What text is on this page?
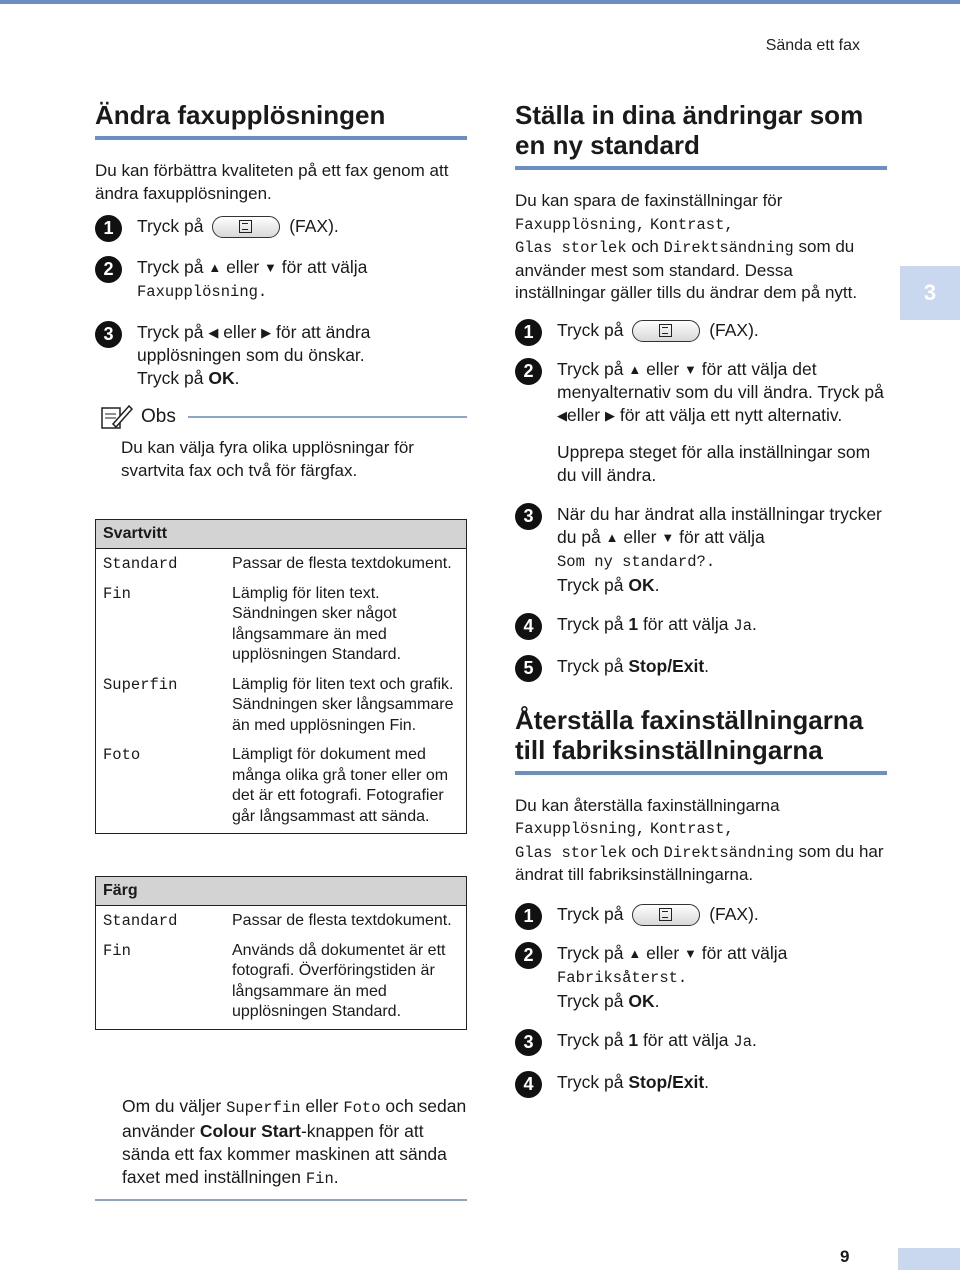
Sända ett fax
Ändra faxupplösningen

Du kan förbättra kvaliteten på ett fax genom att ändra faxupplösningen.

1	Tryck på	(FAX).
2	Tryck på ▲ eller ▼ för att välja
Faxupplösning.
3	Tryck på ◀ eller ▶ för att ändra upplösningen som du önskar.
Tryck på OK.
Obs
Du kan välja fyra olika upplösningar för svartvita fax och två för färgfax.
Svartvitt	
Standard	Passar de flesta textdokument.
Fin	Lämplig för liten text. Sändningen sker något långsammare än med upplösningen Standard.
Superfin	Lämplig för liten text och grafik. Sändningen sker långsammare än med upplösningen Fin.
Foto	Lämpligt för dokument med många olika grå toner eller om det är ett fotografi. Fotografier går långsammast att sända.
Färg	
Standard	Passar de flesta textdokument.
Fin	Används då dokumentet är ett fotografi. Överföringstiden är långsammare än med upplösningen Standard.
Om du väljer Superfin eller Foto och sedan använder Colour Start-knappen för att sända ett fax kommer maskinen att sända faxet med inställningen Fin.
Ställa in dina ändringar som en ny standard

Du kan spara de faxinställningar för
Faxupplösning, Kontrast,
Glas storlek och Direktsändning som du använder mest som standard. Dessa inställningar gäller tills du ändrar dem på nytt.

1	Tryck på	(FAX).
2	Tryck på ▲ eller ▼ för att välja det menyalternativ som du vill ändra. Tryck på ◀eller ▶ för att välja ett nytt alternativ.
Upprepa steget för alla inställningar som du vill ändra.
3	När du har ändrat alla inställningar trycker du på ▲ eller ▼ för att välja
Som ny standard?.
Tryck på OK.
4	Tryck på 1 för att välja Ja.
5	Tryck på Stop/Exit.
Återställa faxinställningarna till fabriksinställningarna

Du kan återställa faxinställningarna
Faxupplösning, Kontrast,
Glas storlek och Direktsändning som du har ändrat till fabriksinställningarna.

1	Tryck på	(FAX).
2	Tryck på ▲ eller ▼ för att välja
Fabriksåterst.
Tryck på OK.
3	Tryck på 1 för att välja Ja.
4	Tryck på Stop/Exit.
3
9
